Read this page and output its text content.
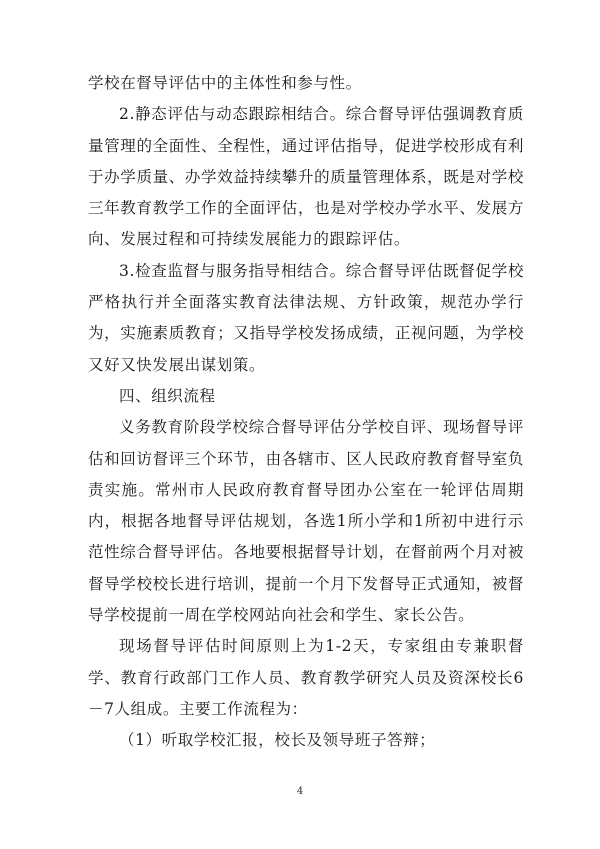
学校在督导评估中的主体性和参与性。

2.静态评估与动态跟踪相结合。综合督导评估强调教育质量管理的全面性、全程性，通过评估指导，促进学校形成有利于办学质量、办学效益持续攀升的质量管理体系，既是对学校三年教育教学工作的全面评估，也是对学校办学水平、发展方向、发展过程和可持续发展能力的跟踪评估。

3.检查监督与服务指导相结合。综合督导评估既督促学校严格执行并全面落实教育法律法规、方针政策，规范办学行为，实施素质教育；又指导学校发扬成绩，正视问题，为学校又好又快发展出谋划策。

四、组织流程

义务教育阶段学校综合督导评估分学校自评、现场督导评估和回访督评三个环节，由各辖市、区人民政府教育督导室负责实施。常州市人民政府教育督导团办公室在一轮评估周期内，根据各地督导评估规划，各选1所小学和1所初中进行示范性综合督导评估。各地要根据督导计划，在督前两个月对被督导学校校长进行培训，提前一个月下发督导正式通知，被督导学校提前一周在学校网站向社会和学生、家长公告。

现场督导评估时间原则上为1-2天，专家组由专兼职督学、教育行政部门工作人员、教育教学研究人员及资深校长6－7人组成。主要工作流程为：

（1）听取学校汇报，校长及领导班子答辩；

4
